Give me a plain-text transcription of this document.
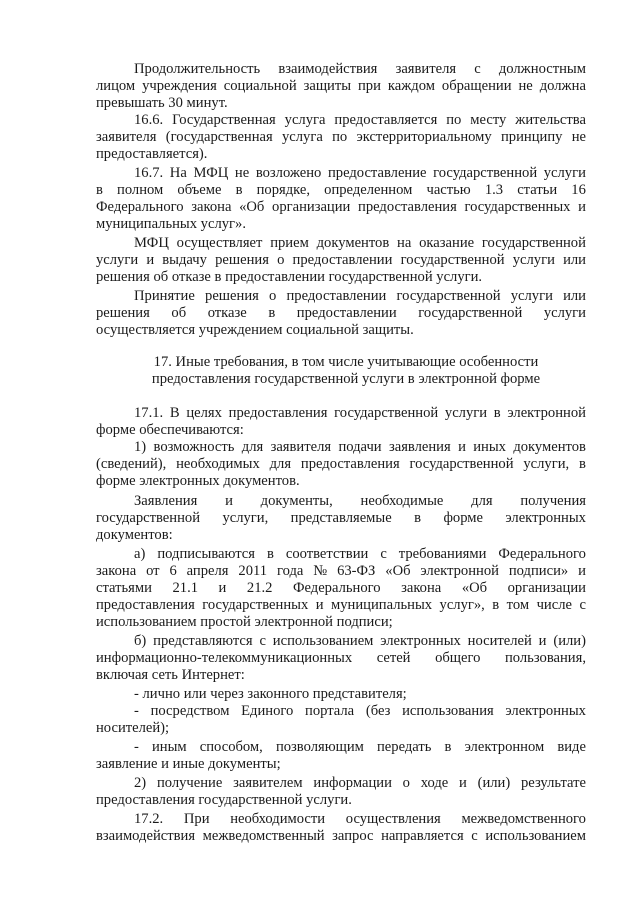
Продолжительность взаимодействия заявителя с должностным
лицом учреждения социальной защиты при каждом обращении не должна
превышать 30 минут.
16.6. Государственная услуга предоставляется по месту жительства
заявителя (государственная услуга по экстерриториальному принципу не
предоставляется).
16.7. На МФЦ не возложено предоставление государственной услуги
в полном объеме в порядке, определенном частью 1.3 статьи 16
Федерального закона «Об организации предоставления государственных и
муниципальных услуг».
МФЦ осуществляет прием документов на оказание государственной
услуги и выдачу решения о предоставлении государственной услуги или
решения об отказе в предоставлении государственной услуги.
Принятие решения о предоставлении государственной услуги или
решения об отказе в предоставлении государственной услуги
осуществляется учреждением социальной защиты.
17. Иные требования, в том числе учитывающие особенности
предоставления государственной услуги в электронной форме
17.1. В целях предоставления государственной услуги в электронной
форме обеспечиваются:
1) возможность для заявителя подачи заявления и иных документов
(сведений), необходимых для предоставления государственной услуги, в
форме электронных документов.
Заявления и документы, необходимые для получения
государственной услуги, представляемые в форме электронных
документов:
а) подписываются в соответствии с требованиями Федерального
закона от 6 апреля 2011 года № 63-ФЗ «Об электронной подписи» и
статьями 21.1 и 21.2 Федерального закона «Об организации
предоставления государственных и муниципальных услуг», в том числе с
использованием простой электронной подписи;
б) представляются с использованием электронных носителей и (или)
информационно-телекоммуникационных сетей общего пользования,
включая сеть Интернет:
- лично или через законного представителя;
- посредством Единого портала (без использования электронных
носителей);
- иным способом, позволяющим передать в электронном виде
заявление и иные документы;
2) получение заявителем информации о ходе и (или) результате
предоставления государственной услуги.
17.2. При необходимости осуществления межведомственного
взаимодействия межведомственный запрос направляется с использованием
